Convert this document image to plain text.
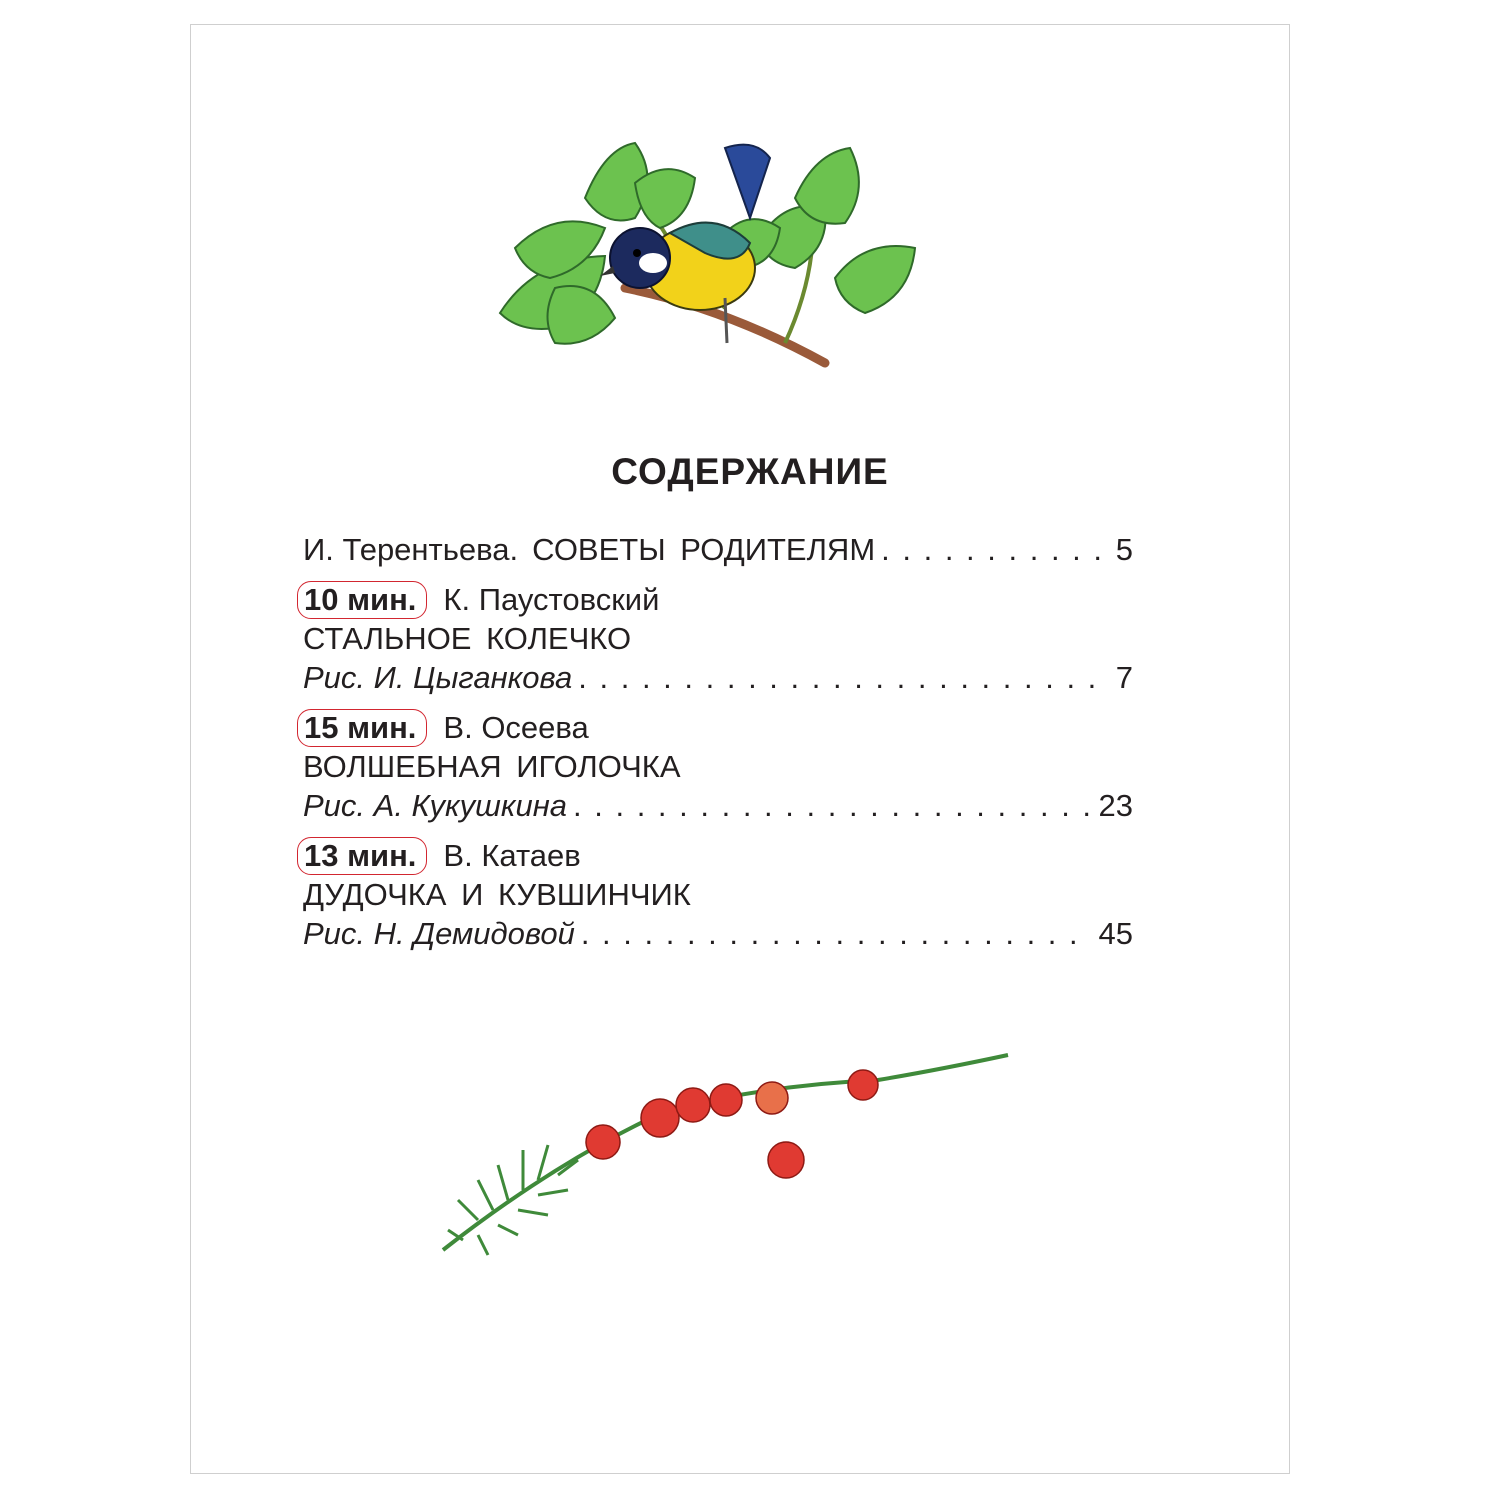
СОДЕРЖАНИЕ
И. Терентьева. СОВЕТЫ РОДИТЕЛЯМ . . .	5
10 мин. К. Паустовский
СТАЛЬНОЕ КОЛЕЧКО
Рис. И. Цыганкова . . .	7
15 мин. В. Осеева
ВОЛШЕБНАЯ ИГОЛОЧКА
Рис. А. Кукушкина . . .	23
13 мин. В. Катаев
ДУДОЧКА И КУВШИНЧИК
Рис. Н. Демидовой . . .	45
